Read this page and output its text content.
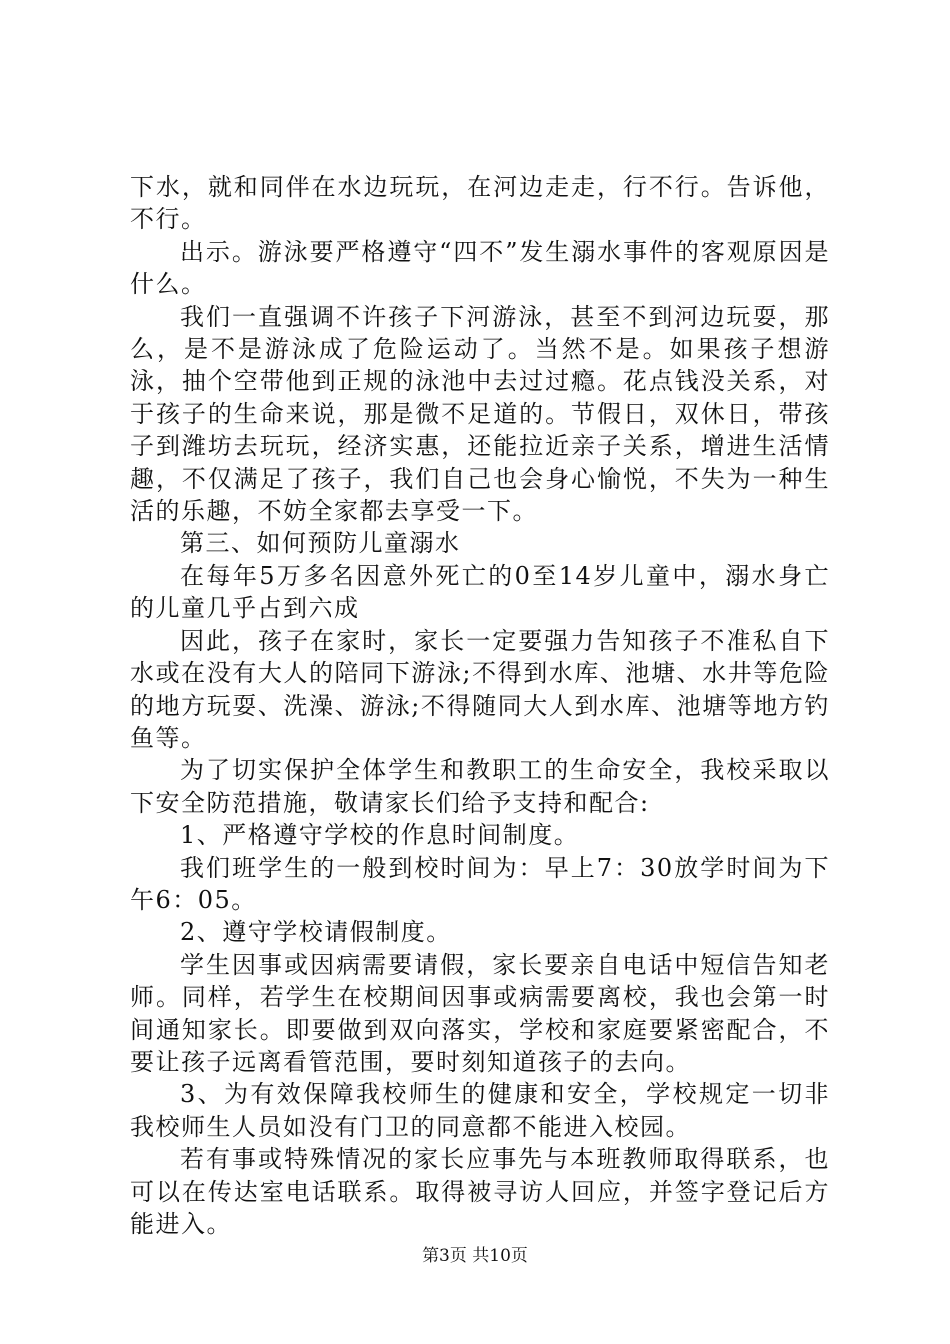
下水，就和同伴在水边玩玩，在河边走走，行不行。告诉他，不行。

出示。游泳要严格遵守“四不”发生溺水事件的客观原因是什么。

我们一直强调不许孩子下河游泳，甚至不到河边玩耍，那么，是不是游泳成了危险运动了。当然不是。如果孩子想游泳，抽个空带他到正规的泳池中去过过瘾。花点钱没关系，对于孩子的生命来说，那是微不足道的。节假日，双休日，带孩子到潍坊去玩玩，经济实惠，还能拉近亲子关系，增进生活情趣，不仅满足了孩子，我们自己也会身心愉悦，不失为一种生活的乐趣，不妨全家都去享受一下。

第三、如何预防儿童溺水

在每年5万多名因意外死亡的0至14岁儿童中，溺水身亡的儿童几乎占到六成

因此，孩子在家时，家长一定要强力告知孩子不准私自下水或在没有大人的陪同下游泳;不得到水库、池塘、水井等危险的地方玩耍、洗澡、游泳;不得随同大人到水库、池塘等地方钓鱼等。

为了切实保护全体学生和教职工的生命安全，我校采取以下安全防范措施，敬请家长们给予支持和配合:

1、严格遵守学校的作息时间制度。

我们班学生的一般到校时间为：早上7：30放学时间为下午6：05。

2、遵守学校请假制度。

学生因事或因病需要请假，家长要亲自电话中短信告知老师。同样，若学生在校期间因事或病需要离校，我也会第一时间通知家长。即要做到双向落实，学校和家庭要紧密配合，不要让孩子远离看管范围，要时刻知道孩子的去向。

3、为有效保障我校师生的健康和安全，学校规定一切非我校师生人员如没有门卫的同意都不能进入校园。

若有事或特殊情况的家长应事先与本班教师取得联系，也可以在传达室电话联系。取得被寻访人回应，并签字登记后方能进入。

第3页 共10页
